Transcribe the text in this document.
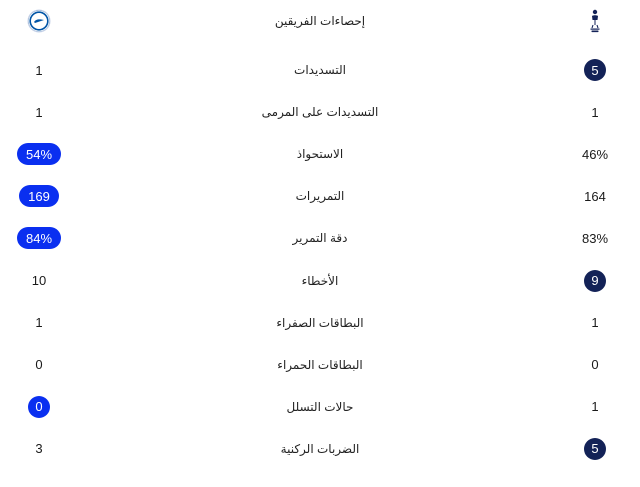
إحصاءات الفريقين
1	التسديدات	5
1	التسديدات على المرمى	1
54%	الاستحواذ	46%
169	التمريرات	164
84%	دقة التمرير	83%
10	الأخطاء	9
1	البطاقات الصفراء	1
0	البطاقات الحمراء	0
0	حالات التسلل	1
3	الضربات الركنية	5
